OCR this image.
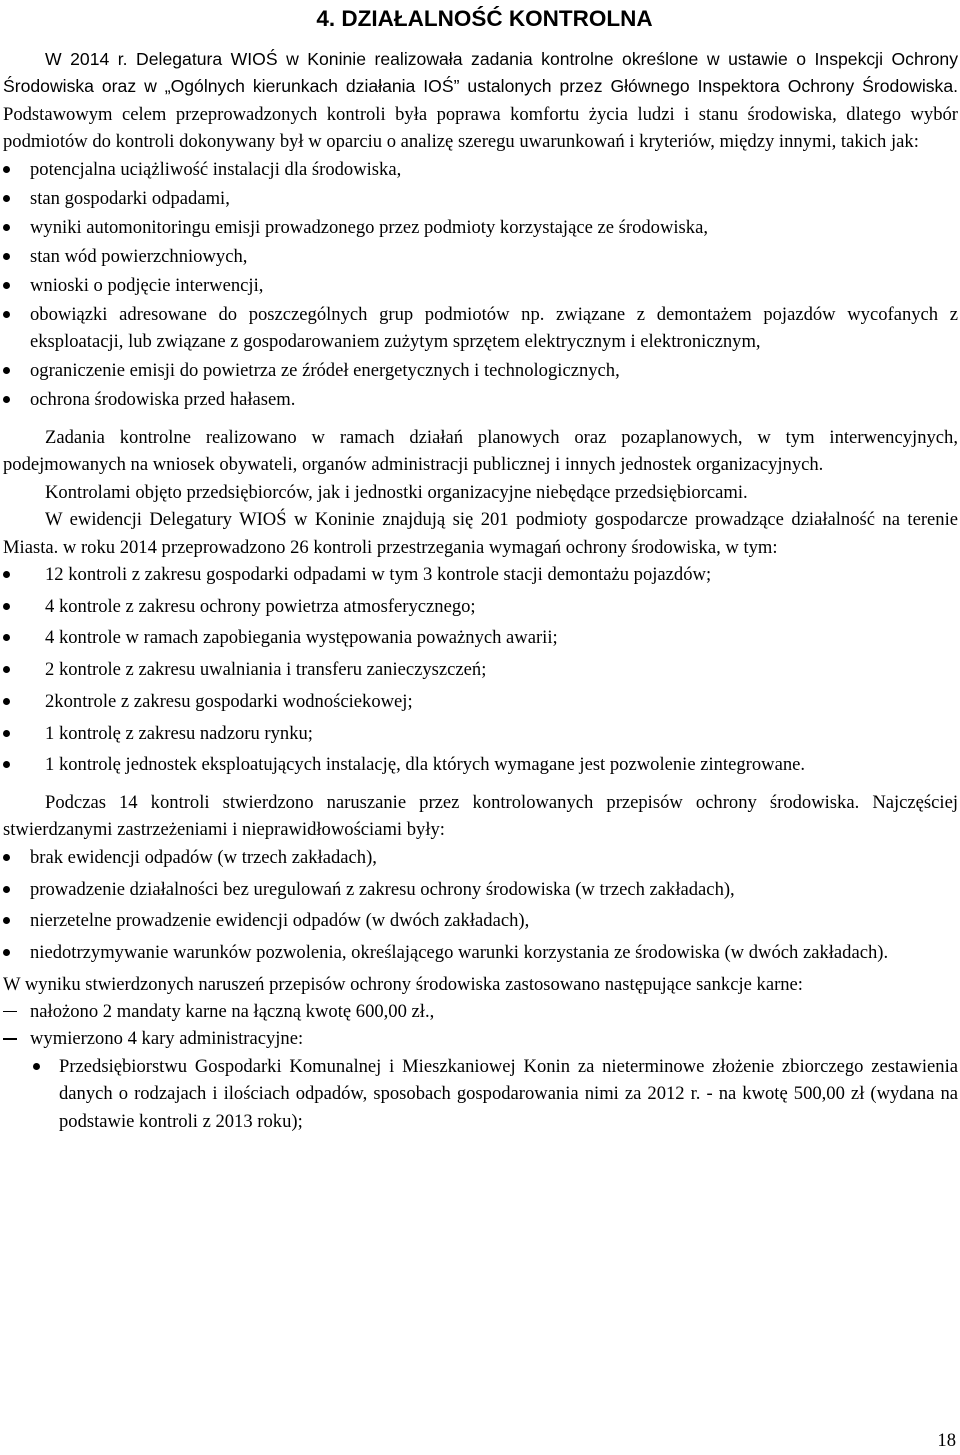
4. DZIAŁALNOŚĆ KONTROLNA

W 2014 r. Delegatura WIOŚ w Koninie realizowała zadania kontrolne określone w ustawie o Inspekcji Ochrony Środowiska oraz w „Ogólnych kierunkach działania IOŚ” ustalonych przez Głównego Inspektora Ochrony Środowiska. Podstawowym celem przeprowadzonych kontroli była poprawa komfortu życia ludzi i stanu środowiska, dlatego wybór podmiotów do kontroli dokonywany był w oparciu o analizę szeregu uwarunkowań i kryteriów, między innymi, takich jak:

potencjalna uciążliwość instalacji dla środowiska,
stan gospodarki odpadami,
wyniki automonitoringu emisji prowadzonego przez podmioty korzystające ze środowiska,
stan wód powierzchniowych,
wnioski o podjęcie interwencji,
obowiązki adresowane do poszczególnych grup podmiotów np. związane z demontażem pojazdów wycofanych z eksploatacji, lub związane z gospodarowaniem zużytym sprzętem elektrycznym i elektronicznym,
ograniczenie emisji do powietrza ze źródeł energetycznych i technologicznych,
ochrona środowiska przed hałasem.

Zadania kontrolne realizowano w ramach działań planowych oraz pozaplanowych, w tym interwencyjnych, podejmowanych na wniosek obywateli, organów administracji publicznej i innych jednostek organizacyjnych.

Kontrolami objęto przedsiębiorców, jak i jednostki organizacyjne niebędące przedsiębiorcami.

W ewidencji Delegatury WIOŚ w Koninie znajdują się 201 podmioty gospodarcze prowadzące działalność na terenie Miasta. w roku 2014 przeprowadzono 26 kontroli przestrzegania wymagań ochrony środowiska, w tym:

12 kontroli z zakresu gospodarki odpadami w tym 3 kontrole stacji demontażu pojazdów;
4 kontrole z zakresu ochrony powietrza atmosferycznego;
4 kontrole w ramach zapobiegania występowania poważnych awarii;
2 kontrole z zakresu uwalniania i transferu zanieczyszczeń;
2kontrole z zakresu gospodarki wodnościekowej;
1 kontrolę z zakresu nadzoru rynku;
1 kontrolę jednostek eksploatujących instalację, dla których wymagane jest pozwolenie zintegrowane.

Podczas 14 kontroli stwierdzono naruszanie przez kontrolowanych przepisów ochrony środowiska. Najczęściej stwierdzanymi zastrzeżeniami i nieprawidłowościami były:

brak ewidencji odpadów (w trzech zakładach),
prowadzenie działalności bez uregulowań z zakresu ochrony środowiska (w trzech zakładach),
nierzetelne prowadzenie ewidencji odpadów (w dwóch zakładach),
niedotrzymywanie warunków pozwolenia, określającego warunki korzystania ze środowiska (w dwóch zakładach).

W wyniku stwierdzonych naruszeń przepisów ochrony środowiska zastosowano następujące sankcje karne:

nałożono 2 mandaty karne na łączną kwotę 600,00 zł.,
wymierzono 4 kary administracyjne:
Przedsiębiorstwu Gospodarki Komunalnej i Mieszkaniowej Konin za nieterminowe złożenie zbiorczego zestawienia danych o rodzajach i ilościach odpadów, sposobach gospodarowania nimi za 2012 r. - na kwotę 500,00 zł (wydana na podstawie kontroli z 2013 roku);
18
